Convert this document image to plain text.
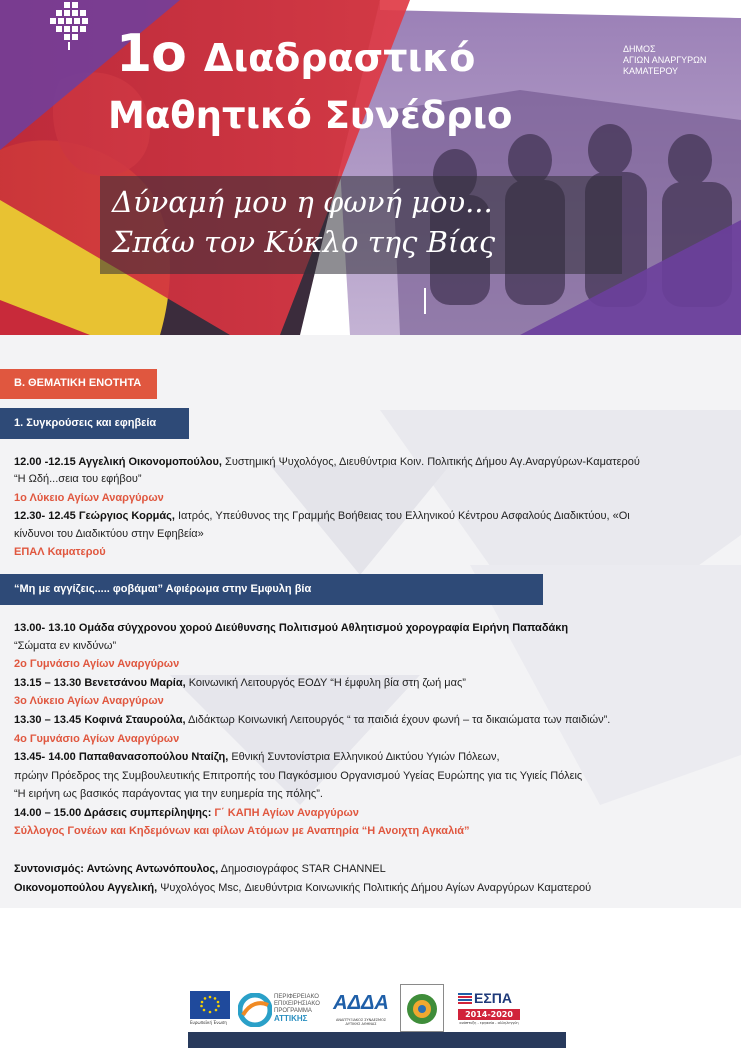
1o Διαδραστικό
Μαθητικό Συνέδριο
Δύναμή μου η φωνή μου...
Σπάω τον Κύκλο της Βίας
ΔΗΜΟΣ
ΑΓΙΩΝ ΑΝΑΡΓΥΡΩΝ
ΚΑΜΑΤΕΡΟΥ
Β. ΘΕΜΑΤΙΚΗ ΕΝΟΤΗΤΑ
1. Συγκρούσεις και εφηβεία
12.00 -12.15 Αγγελική Οικονομοπούλου, Συστημική Ψυχολόγος, Διευθύντρια Κοιν. Πολιτικής Δήμου Αγ.Αναργύρων-Καματερού
“Η Ωδή...σεια του εφήβου”
1ο Λύκειο Αγίων Αναργύρων
12.30- 12.45 Γεώργιος Κορμάς, Ιατρός, Υπεύθυνος της Γραμμής Βοήθειας του Ελληνικού Κέντρου Ασφαλούς Διαδικτύου, «Οι
κίνδυνοι του Διαδικτύου στην Εφηβεία»
ΕΠΑΛ Καματερού
“Μη με αγγίζεις..... φοβάμαι” Αφιέρωμα στην Εμφυλη βία
13.00- 13.10 Ομάδα σύγχρονου χορού Διεύθυνσης Πολιτισμού Αθλητισμού χορογραφία Ειρήνη Παπαδάκη
“Σώματα εν κινδύνω”
2ο Γυμνάσιο Αγίων Αναργύρων
13.15 – 13.30 Βενετσάνου Μαρία, Κοινωνική Λειτουργός ΕΟΔΥ “Η έμφυλη βία στη ζωή μας”
3ο Λύκειο Αγίων Αναργύρων
13.30 – 13.45 Κοφινά Σταυρούλα, Διδάκτωρ Κοινωνική Λειτουργός “ τα παιδιά έχουν φωνή – τα δικαιώματα των παιδιών”.
4ο Γυμνάσιο Αγίων Αναργύρων
13.45- 14.00 Παπαθανασοπούλου Νταίζη, Εθνική Συντονίστρια Ελληνικού Δικτύου Υγιών Πόλεων,
πρώην Πρόεδρος της Συμβουλευτικής Επιτροπής του Παγκόσμιου Οργανισμού Υγείας Ευρώπης για τις Υγιείς Πόλεις
“Η ειρήνη ως βασικός παράγοντας για την ευημερία της πόλης”.
14.00 – 15.00 Δράσεις συμπερίληψης: Γ΄ ΚΑΠΗ Αγίων Αναργύρων
Σύλλογος Γονέων και Κηδεμόνων και φίλων Ατόμων με Αναπηρία “Η Ανοιχτη Αγκαλιά”
Συντονισμός: Αντώνης Αντωνόπουλος, Δημοσιογράφος STAR CHANNEL
Οικονομοπούλου Αγγελική, Ψυχολόγος Msc, Διευθύντρια Κοινωνικής Πολιτικής Δήμου Αγίων Αναργύρων Καματερού
Ευρωπαϊκή Ένωση
ΠΕΡΙΦΕΡΕΙΑΚΟ
ΕΠΙΧΕΙΡΗΣΙΑΚΟ
ΠΡΟΓΡΑΜΜΑ
ΑΤΤΙΚΗΣ
ΑΔΔΑ
ΑΝΑΠΤΥΞΙΑΚΟΣ ΣΥΝΔΕΣΜΟΣ ΔΥΤΙΚΗΣ ΑΘΗΝΑΣ
ΕΣΠΑ
2014-2020
ανάπτυξη - εργασία - αλληλεγγύη
